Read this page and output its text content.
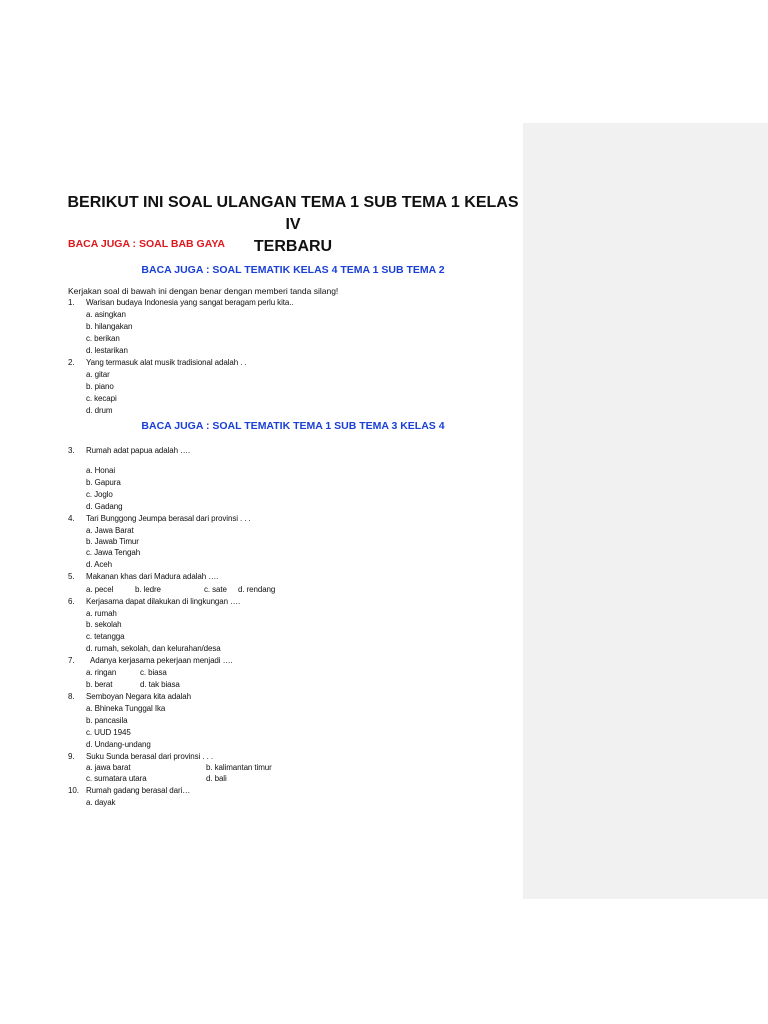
BERIKUT INI SOAL ULANGAN TEMA 1 SUB TEMA 1 KELAS IV
TERBARU
BACA JUGA : SOAL BAB GAYA
BACA JUGA : SOAL TEMATIK KELAS 4 TEMA 1 SUB TEMA 2
Kerjakan soal di bawah ini dengan benar dengan memberi tanda silang!
1. Warisan budaya Indonesia yang sangat beragam perlu kita..
a. asingkan
b. hilangakan
c. berikan
d. lestarikan
2. Yang termasuk alat musik tradisional adalah . .
a. gitar
b. piano
c. kecapi
d. drum
BACA JUGA : SOAL TEMATIK TEMA 1 SUB TEMA 3 KELAS 4
3. Rumah adat papua adalah ….
a. Honai
b. Gapura
c. Joglo
d. Gadang
4. Tari Bunggong Jeumpa berasal dari provinsi . . .
a. Jawa Barat
b. Jawab Timur
c. Jawa Tengah
d. Aceh
5. Makanan khas dari Madura adalah ….
a. pecel	b. ledre	c. sate d. rendang
6. Kerjasama dapat dilakukan di lingkungan ….
a. rumah
b. sekolah
c. tetangga
d. rumah, sekolah, dan kelurahan/desa
7. Adanya kerjasama pekerjaan menjadi ….
a. ringan	c. biasa
b. berat	d. tak biasa
8. Semboyan Negara kita adalah
a. Bhineka Tunggal Ika
b. pancasila
c. UUD 1945
d. Undang-undang
9. Suku Sunda berasal dari provinsi . . .
a. jawa barat	b. kalimantan timur
c. sumatara utara	d. bali
10. Rumah gadang berasal dari…
a. dayak
